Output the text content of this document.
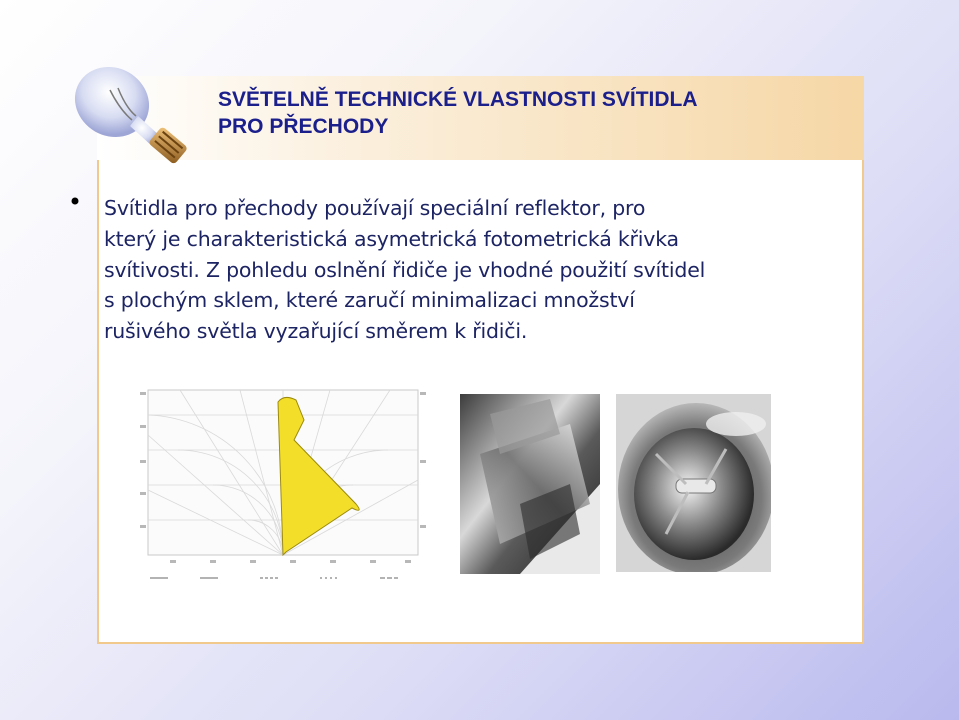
SVĚTELNĚ TECHNICKÉ VLASTNOSTI SVÍTIDLA
PRO PŘECHODY
Svítidla pro přechody používají speciální reflektor, pro
který je charakteristická asymetrická fotometrická křivka
svítivosti. Z pohledu oslnění řidiče je vhodné použití svítidel
s plochým sklem, které zaručí minimalizaci množství
rušivého světla vyzařující směrem k řidiči.
